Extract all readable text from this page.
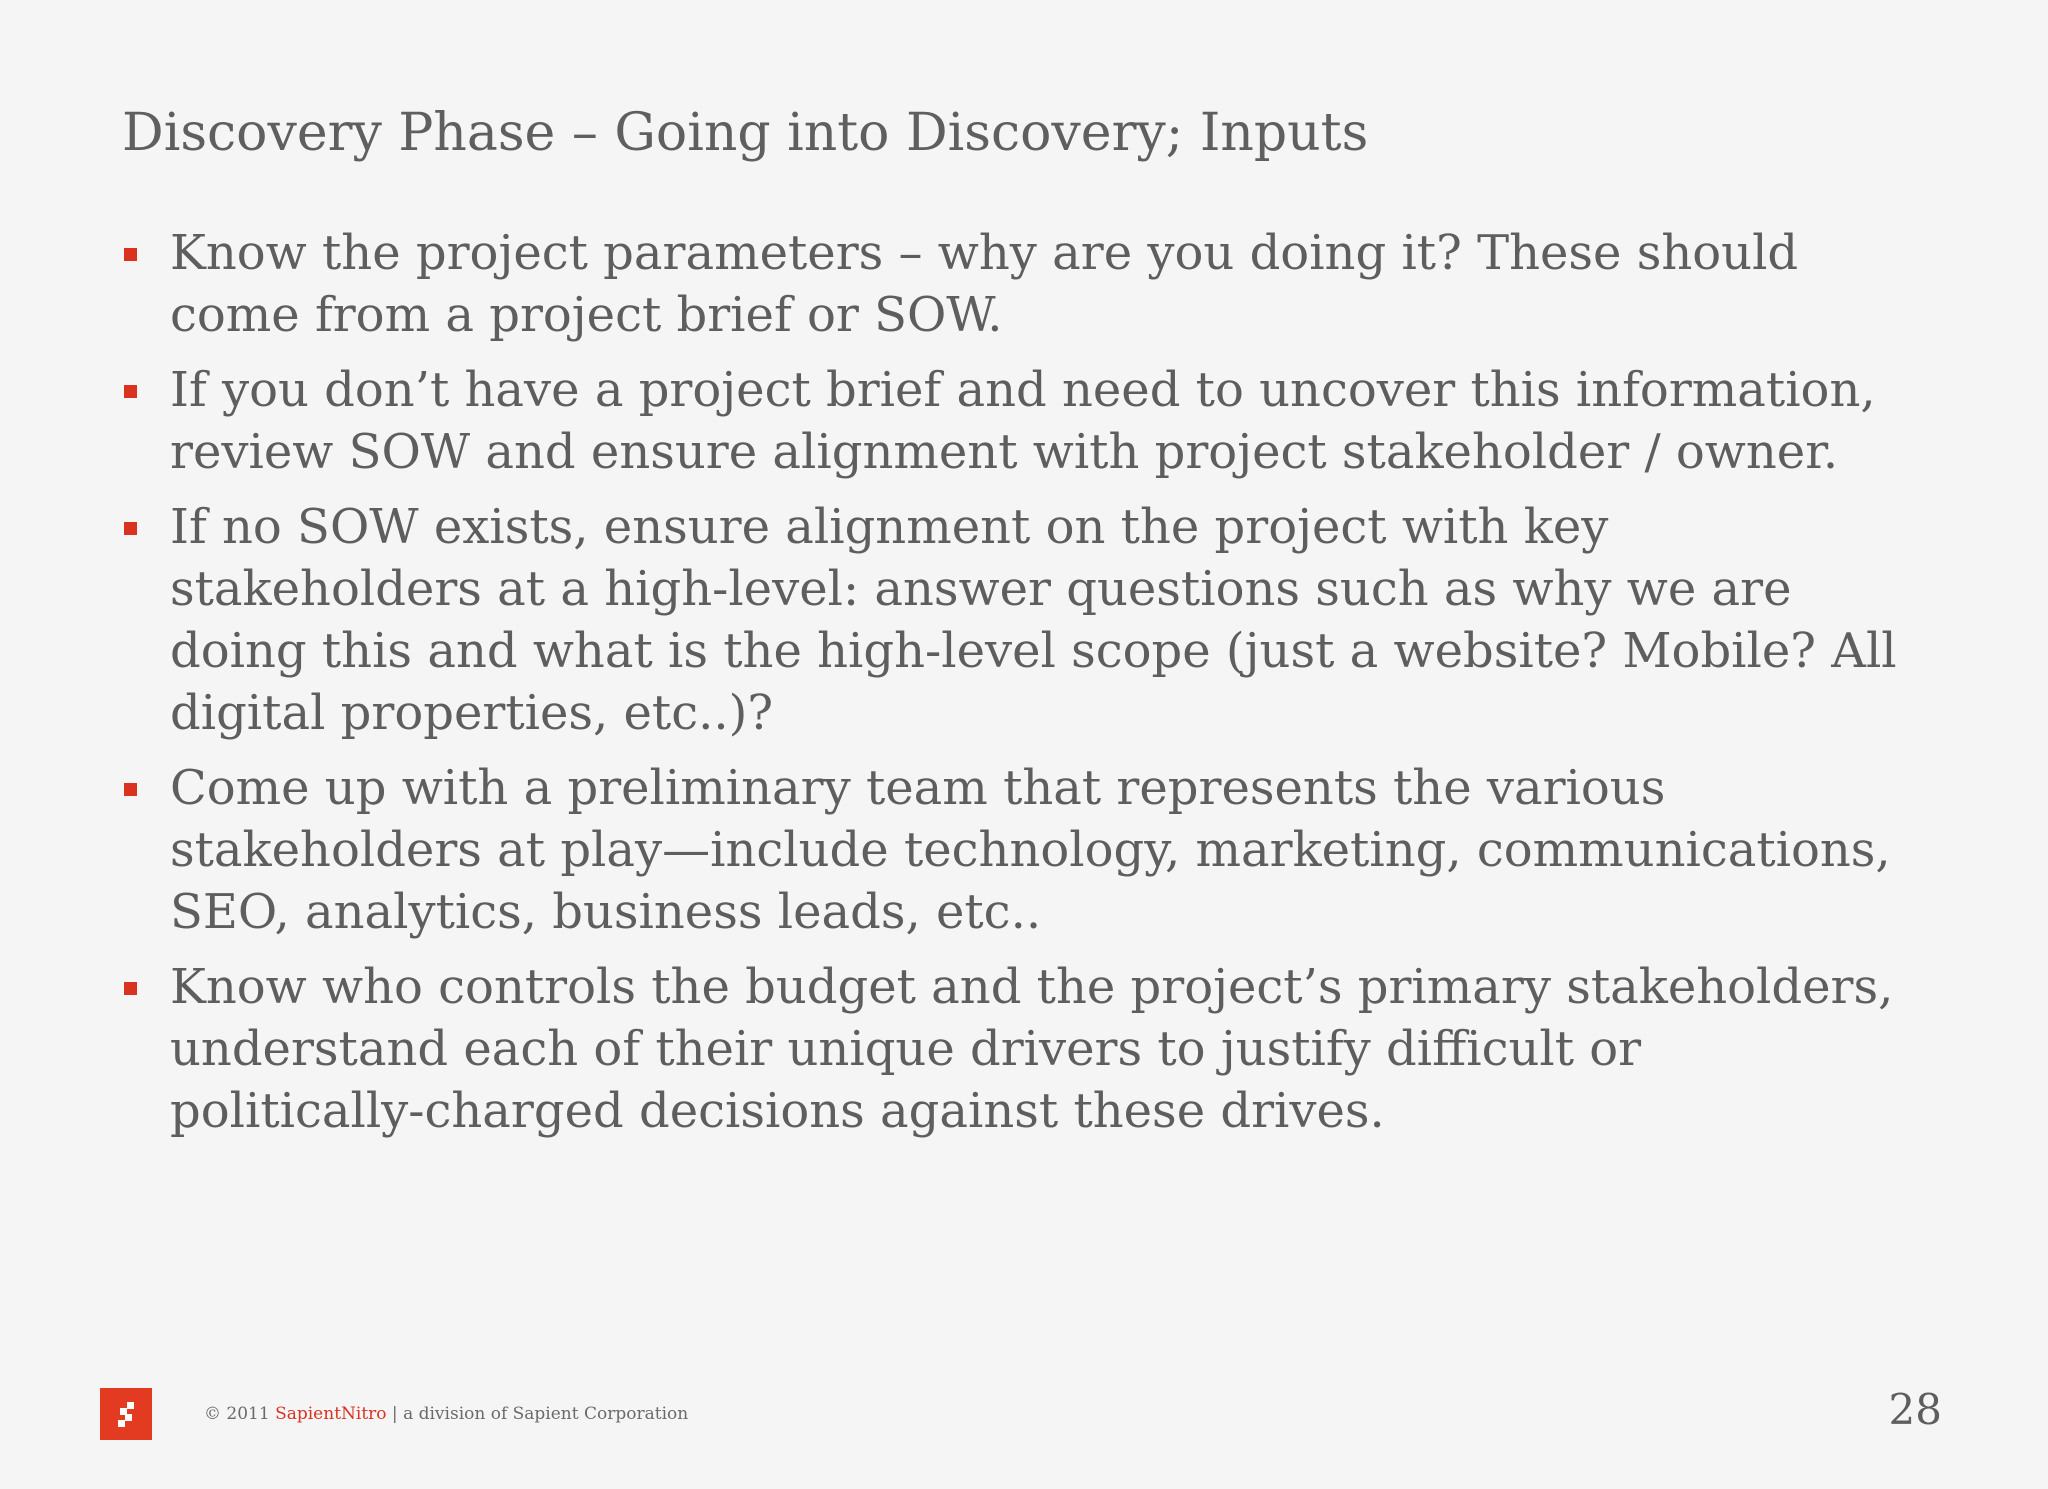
Discovery Phase – Going into Discovery; Inputs
Know the project parameters – why are you doing it? These should come from a project brief or SOW.
If you don’t have a project brief and need to uncover this information, review SOW and ensure alignment with project stakeholder / owner.
If no SOW exists, ensure alignment on the project with key stakeholders at a high-level: answer questions such as why we are doing this and what is the high-level scope (just a website? Mobile? All digital properties, etc..)?
Come up with a preliminary team that represents the various stakeholders at play—include technology, marketing, communications, SEO, analytics, business leads, etc..
Know who controls the budget and the project’s primary stakeholders, understand each of their unique drivers to justify difficult or politically-charged decisions against these drives.
© 2011 SapientNitro | a division of Sapient Corporation	28
